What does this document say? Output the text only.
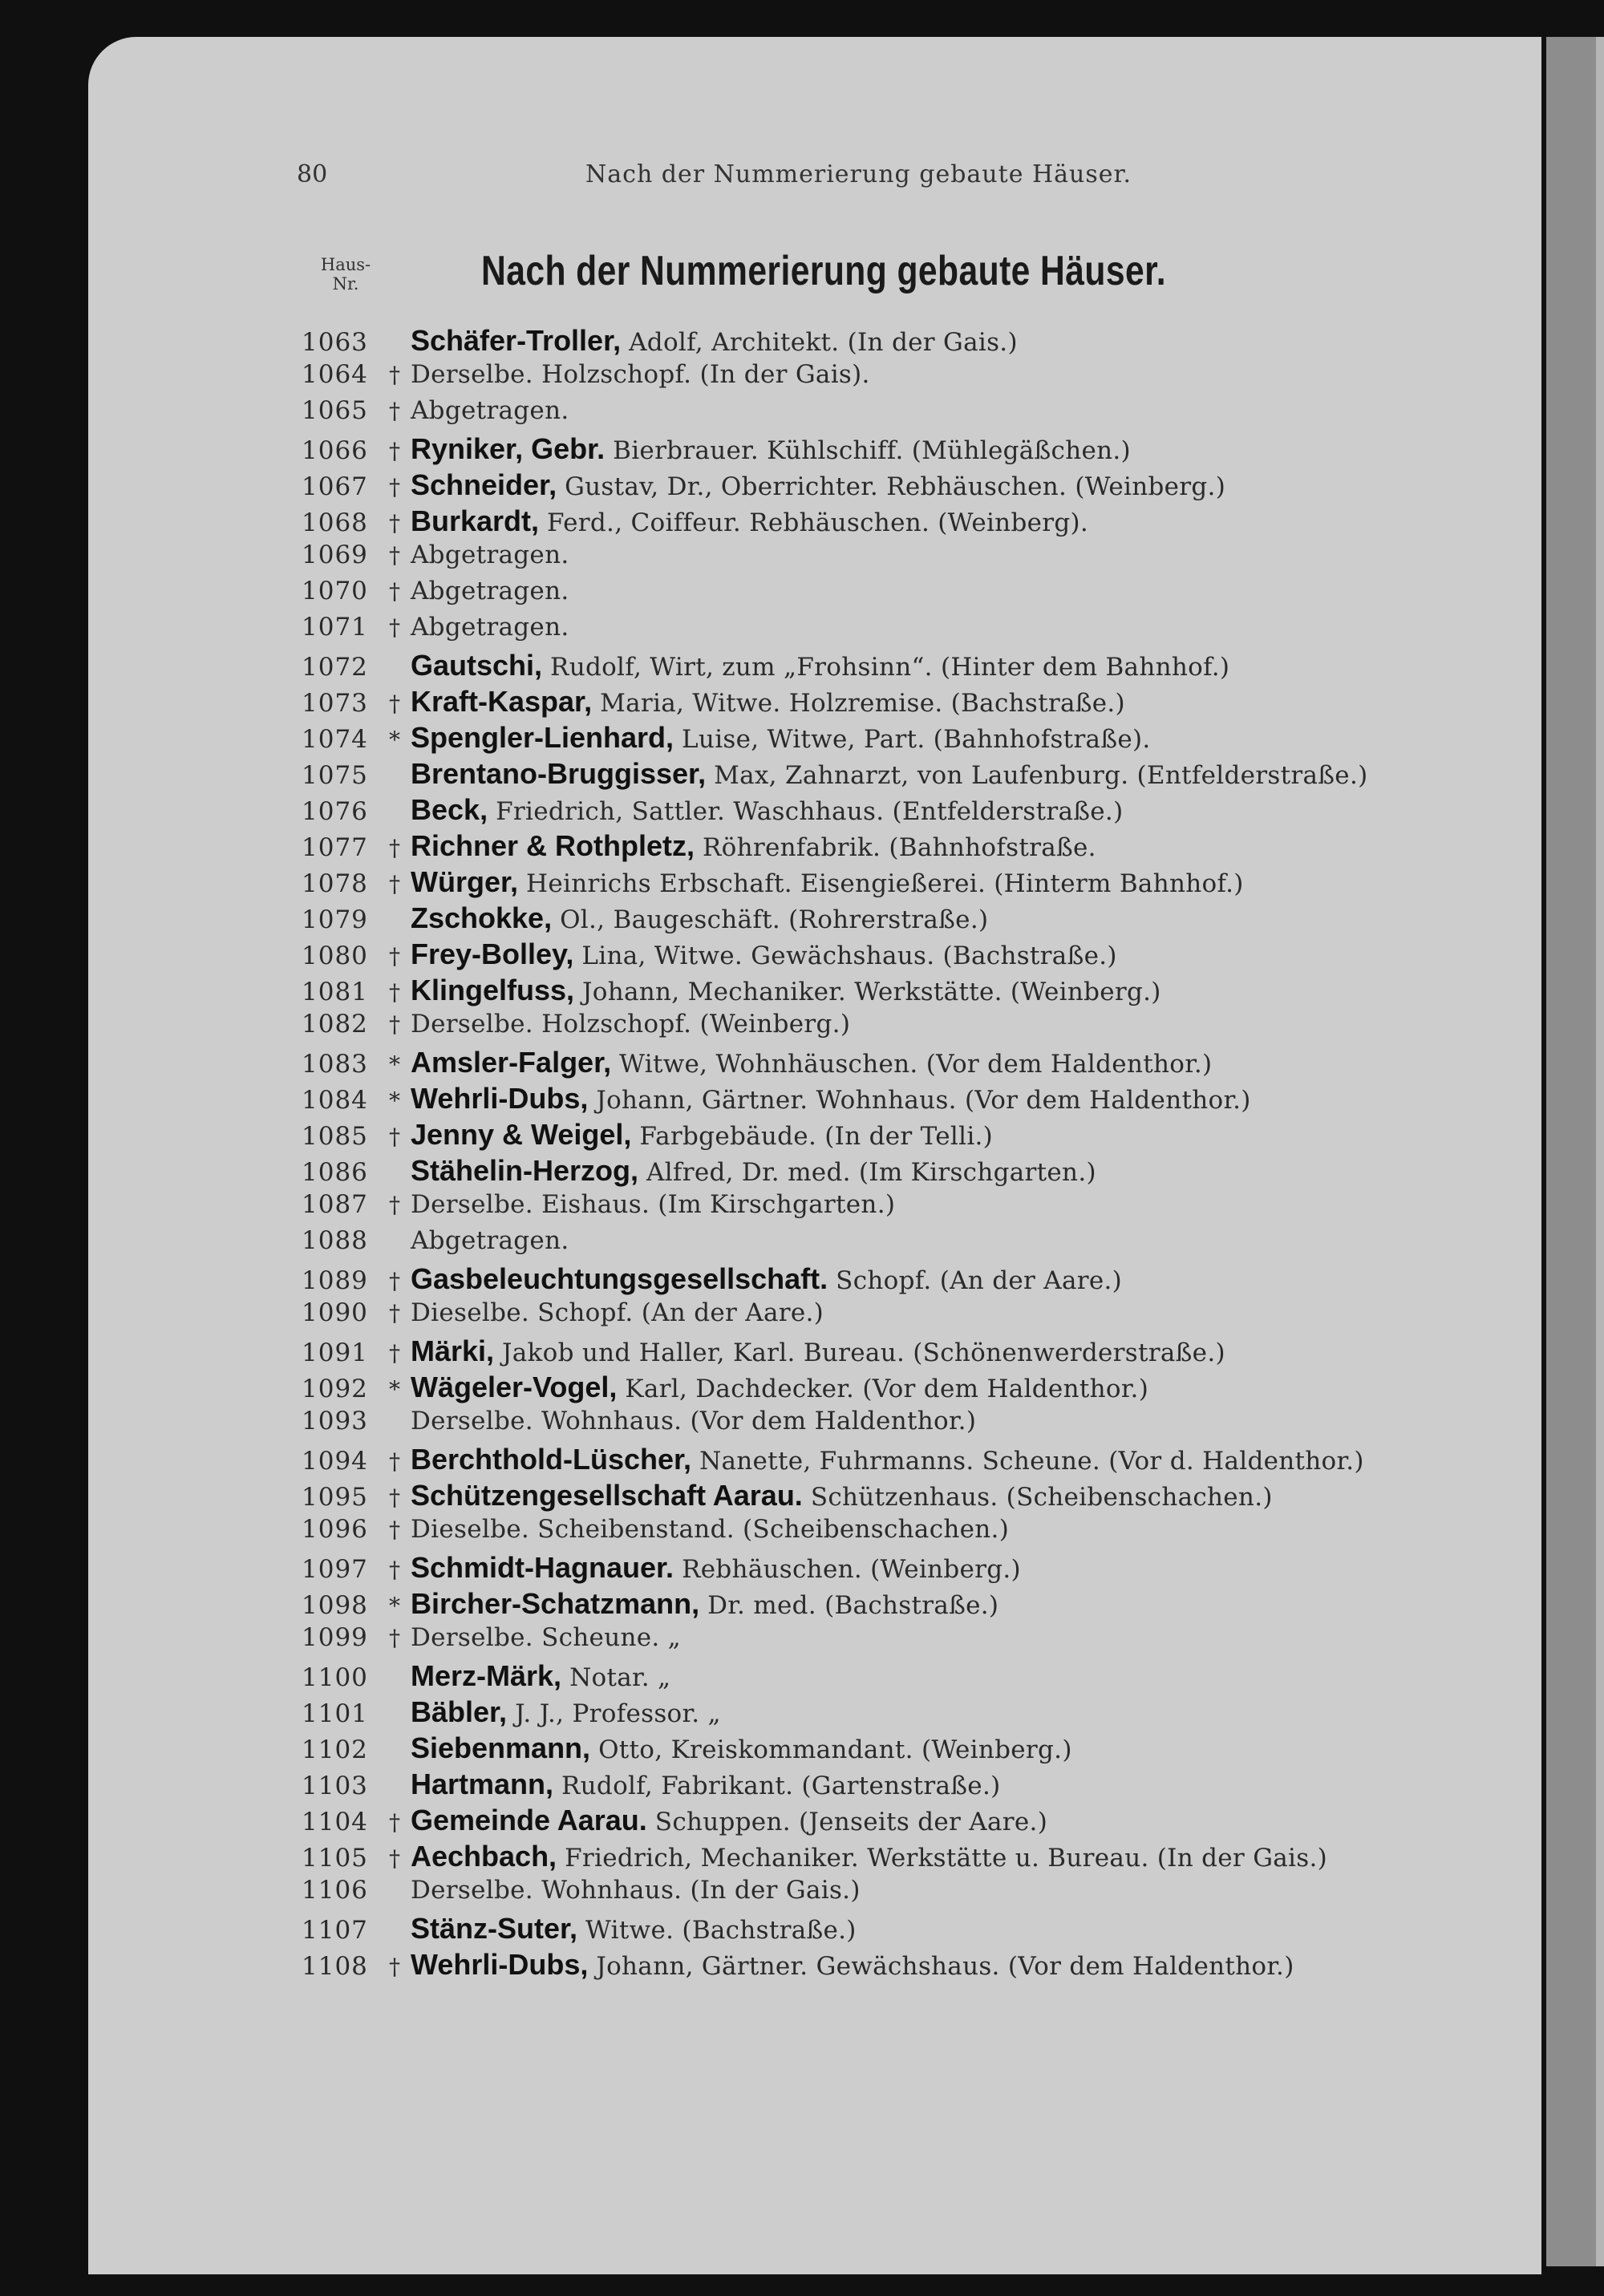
80	Nach der Nummerierung gebaute Häuser.
Haus-
Nr.	Nach der Nummerierung gebaute Häuser.
1063	Schäfer-Troller, Adolf, Architekt. (In der Gais.)
1064 † Derselbe. Holzschopf. (In der Gais).
1065 † Abgetragen.
1066 † Ryniker, Gebr. Bierbrauer. Kühlschiff. (Mühlegäßchen.)
1067 † Schneider, Gustav, Dr., Oberrichter. Rebhäuschen. (Weinberg.)
1068 † Burkardt, Ferd., Coiffeur. Rebhäuschen. (Weinberg).
1069 † Abgetragen.
1070 † Abgetragen.
1071 † Abgetragen.
1072	Gautschi, Rudolf, Wirt, zum „Frohsinn“. (Hinter dem Bahnhof.)
1073 † Kraft-Kaspar, Maria, Witwe. Holzremise. (Bachstraße.)
1074 * Spengler-Lienhard, Luise, Witwe, Part. (Bahnhofstraße).
1075	Brentano-Bruggisser, Max, Zahnarzt, von Laufenburg. (Entfelderstraße.)
1076	Beck, Friedrich, Sattler. Waschhaus. (Entfelderstraße.)
1077 † Richner & Rothpletz, Röhrenfabrik. (Bahnhofstraße.
1078 † Würger, Heinrichs Erbschaft. Eisengießerei. (Hinterm Bahnhof.)
1079	Zschokke, Ol., Baugeschäft. (Rohrerstraße.)
1080 † Frey-Bolley, Lina, Witwe. Gewächshaus. (Bachstraße.)
1081 † Klingelfuss, Johann, Mechaniker. Werkstätte. (Weinberg.)
1082 † Derselbe. Holzschopf. (Weinberg.)
1083 * Amsler-Falger, Witwe, Wohnhäuschen. (Vor dem Haldenthor.)
1084 * Wehrli-Dubs, Johann, Gärtner. Wohnhaus. (Vor dem Haldenthor.)
1085 † Jenny & Weigel, Farbgebäude. (In der Telli.)
1086	Stähelin-Herzog, Alfred, Dr. med. (Im Kirschgarten.)
1087 † Derselbe. Eishaus. (Im Kirschgarten.)
1088	Abgetragen.
1089 † Gasbeleuchtungsgesellschaft. Schopf. (An der Aare.)
1090 † Dieselbe. Schopf. (An der Aare.)
1091 † Märki, Jakob und Haller, Karl. Bureau. (Schönenwerderstraße.)
1092 * Wägeler-Vogel, Karl, Dachdecker. (Vor dem Haldenthor.)
1093	Derselbe. Wohnhaus. (Vor dem Haldenthor.)
1094 † Berchthold-Lüscher, Nanette, Fuhrmanns. Scheune. (Vor d. Haldenthor.)
1095 † Schützengesellschaft Aarau. Schützenhaus. (Scheibenschachen.)
1096 † Dieselbe. Scheibenstand. (Scheibenschachen.)
1097 † Schmidt-Hagnauer. Rebhäuschen. (Weinberg.)
1098 * Bircher-Schatzmann, Dr. med. (Bachstraße.)
1099 † Derselbe. Scheune. „
1100	Merz-Märk, Notar. „
1101	Bäbler, J. J., Professor. „
1102	Siebenmann, Otto, Kreiskommandant. (Weinberg.)
1103	Hartmann, Rudolf, Fabrikant. (Gartenstraße.)
1104 † Gemeinde Aarau. Schuppen. (Jenseits der Aare.)
1105 † Aechbach, Friedrich, Mechaniker. Werkstätte u. Bureau. (In der Gais.)
1106	Derselbe. Wohnhaus. (In der Gais.)
1107	Stänz-Suter, Witwe. (Bachstraße.)
1108 † Wehrli-Dubs, Johann, Gärtner. Gewächshaus. (Vor dem Haldenthor.)
